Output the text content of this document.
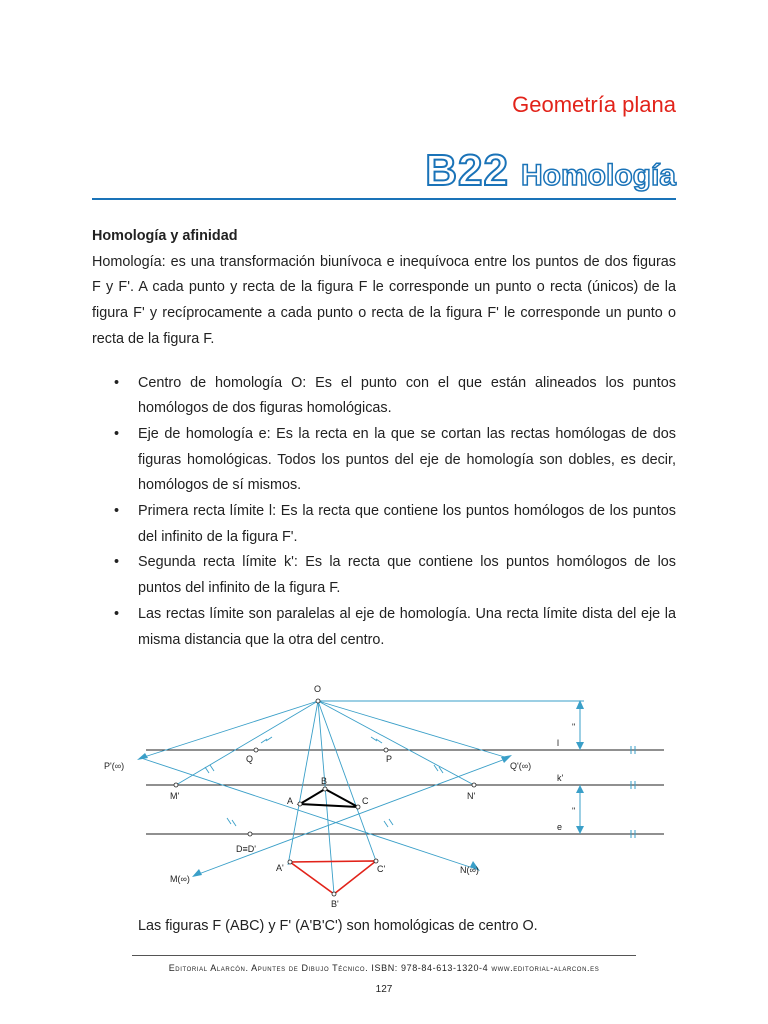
Geometría plana
B22 Homología

Homología y afinidad

Homología: es una transformación biunívoca e inequívoca entre los puntos de dos figuras F y F'. A cada punto y recta de la figura F le corresponde un punto o recta (únicos) de la figura F' y recíprocamente a cada punto o recta de la figura F' le corresponde un punto o recta de la figura F.

• Centro de homología O: Es el punto con el que están alineados los puntos homólogos de dos figuras homológicas.
• Eje de homología e: Es la recta en la que se cortan las rectas homólogas de dos figuras homológicas. Todos los puntos del eje de homología son dobles, es decir, homólogos de sí mismos.
• Primera recta límite l: Es la recta que contiene los puntos homólogos de los puntos del infinito de la figura F'.
• Segunda recta límite k': Es la recta que contiene los puntos homólogos de los puntos del infinito de la figura F.
• Las rectas límite son paralelas al eje de homología. Una recta límite dista del eje la misma distancia que la otra del centro.
O
Q	P
B
A	C
M'	N'
D≡D'
A'	C'
B'
P'(∞)	Q'(∞)
M(∞)
N(∞)
l
k'
e
"
"
Las figuras F (ABC) y F' (A'B'C') son homológicas de centro O.
Editorial Alarcón. Apuntes de Dibujo Técnico. ISBN: 978-84-613-1320-4 www.editorial-alarcon.es
127
